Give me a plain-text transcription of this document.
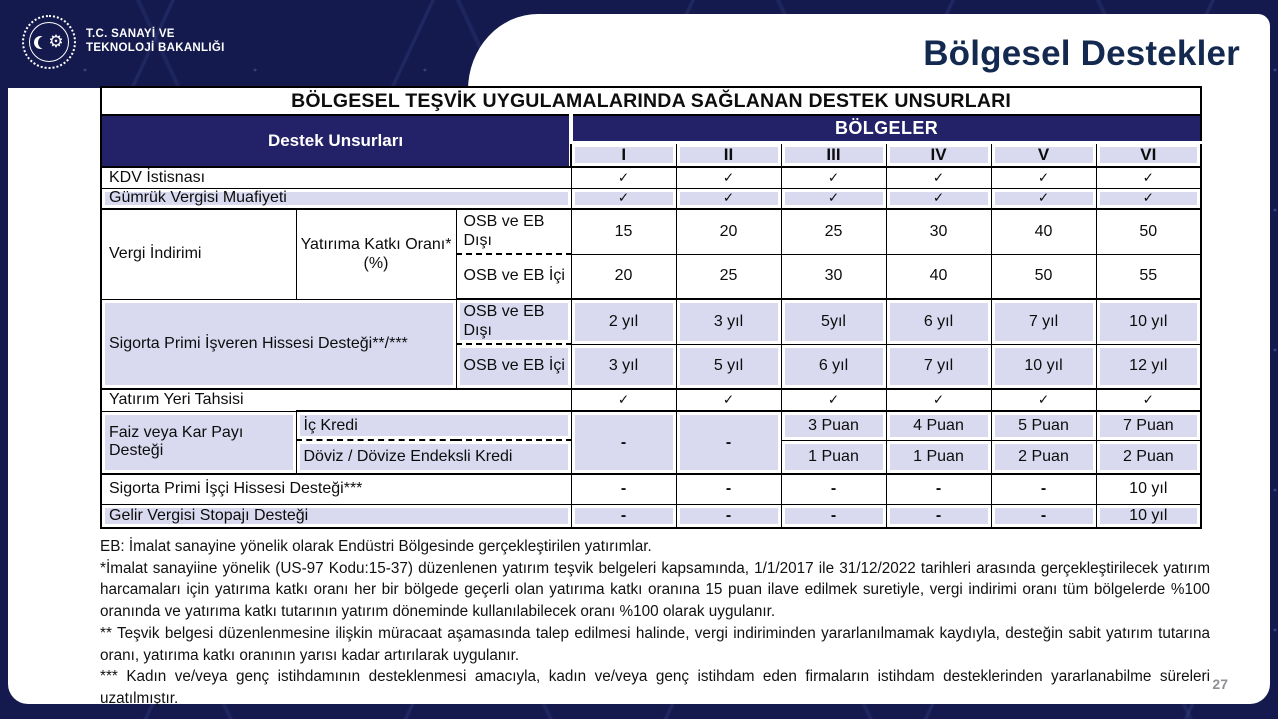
⚙ T.C. SANAYİ VE
TEKNOLOJİ BAKANLIĞI	Bölgesel Destekler
BÖLGESEL TEŞVİK UYGULAMALARINDA SAĞLANAN DESTEK UNSURLARI								
Destek Unsurları			BÖLGELER					
			I	II	III	IV	V	VI
KDV İstisnası			✓	✓	✓	✓	✓	✓
Gümrük Vergisi Muafiyeti			✓	✓	✓	✓	✓	✓
Vergi İndirimi	Yatırıma Katkı Oranı* (%)	OSB ve EB Dışı	15	20	25	30	40	50
		OSB ve EB İçi	20	25	30	40	50	55
Sigorta Primi İşveren Hissesi Desteği**/***		OSB ve EB Dışı	2 yıl	3 yıl	5yıl	6 yıl	7 yıl	10 yıl
		OSB ve EB İçi	3 yıl	5 yıl	6 yıl	7 yıl	10 yıl	12 yıl
Yatırım Yeri Tahsisi			✓	✓	✓	✓	✓	✓
Faiz veya Kar Payı Desteği	İç Kredi		-	-	3 Puan	4 Puan	5 Puan	7 Puan
	Döviz / Dövize Endeksli Kredi				1 Puan	1 Puan	2 Puan	2 Puan
Sigorta Primi İşçi Hissesi Desteği***			-	-	-	-	-	10 yıl
Gelir Vergisi Stopajı Desteği			-	-	-	-	-	10 yıl

EB: İmalat sanayine yönelik olarak Endüstri Bölgesinde gerçekleştirilen yatırımlar.

*İmalat sanayiine yönelik (US-97 Kodu:15-37) düzenlenen yatırım teşvik belgeleri kapsamında, 1/1/2017 ile 31/12/2022 tarihleri arasında gerçekleştirilecek yatırım harcamaları için yatırıma katkı oranı her bir bölgede geçerli olan yatırıma katkı oranına 15 puan ilave edilmek suretiyle, vergi indirimi oranı tüm bölgelerde %100 oranında ve yatırıma katkı tutarının yatırım döneminde kullanılabilecek oranı %100 olarak uygulanır.

** Teşvik belgesi düzenlenmesine ilişkin müracaat aşamasında talep edilmesi halinde, vergi indiriminden yararlanılmamak kaydıyla, desteğin sabit yatırım tutarına oranı, yatırıma katkı oranının yarısı kadar artırılarak uygulanır.

*** Kadın ve/veya genç istihdamının desteklenmesi amacıyla, kadın ve/veya genç istihdam eden firmaların istihdam desteklerinden yararlanabilme süreleri uzatılmıştır.

27
